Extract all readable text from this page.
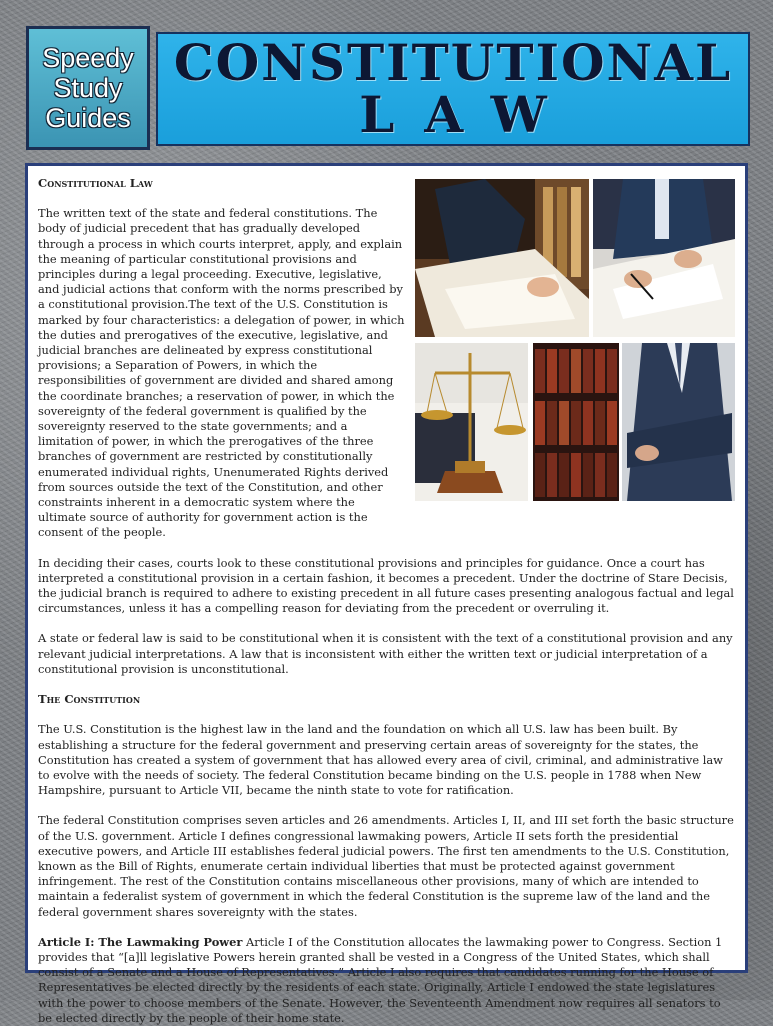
Speedy
Study
Guides
CONSTITUTIONAL
LAW
Constitutional Law

The written text of the state and federal constitutions. The body of judicial precedent that has gradually developed through a process in which courts interpret, apply, and explain the meaning of particular constitutional provisions and principles during a legal proceeding. Executive, legislative, and judicial actions that conform with the norms prescribed by a constitutional provision.The text of the U.S. Constitution is marked by four characteristics: a delegation of power, in which the duties and prerogatives of the executive, legislative, and judicial branches are delineated by express constitutional provisions; a Separation of Powers, in which the responsibilities of government are divided and shared among the coordinate branches; a reservation of power, in which the sovereignty of the federal government is qualified by the sovereignty reserved to the state governments; and a limitation of power, in which the prerogatives of the three branches of government are restricted by constitutionally enumerated individual rights, Unenumerated Rights derived from sources outside the text of the Constitution, and other constraints inherent in a democratic system where the ultimate source of authority for government action is the consent of the people.

In deciding their cases, courts look to these constitutional provisions and principles for guidance. Once a court has interpreted a constitutional provision in a certain fashion, it becomes a precedent. Under the doctrine of Stare Decisis, the judicial branch is required to adhere to existing precedent in all future cases presenting analogous factual and legal circumstances, unless it has a compelling reason for deviating from the precedent or overruling it.

A state or federal law is said to be constitutional when it is consistent with the text of a constitutional provision and any relevant judicial interpretations. A law that is inconsistent with either the written text or judicial interpretation of a constitutional provision is unconstitutional.

The Constitution

The U.S. Constitution is the highest law in the land and the foundation on which all U.S. law has been built. By establishing a structure for the federal government and preserving certain areas of sovereignty for the states, the Constitution has created a system of government that has allowed every area of civil, criminal, and administrative law to evolve with the needs of society. The federal Constitution became binding on the U.S. people in 1788 when New Hampshire, pursuant to Article VII, became the ninth state to vote for ratification.

The federal Constitution comprises seven articles and 26 amendments. Articles I, II, and III set forth the basic structure of the U.S. government. Article I defines congressional lawmaking powers, Article II sets forth the presidential executive powers, and Article III establishes federal judicial powers. The first ten amendments to the U.S. Constitution, known as the Bill of Rights, enumerate certain individual liberties that must be protected against government infringement. The rest of the Constitution contains miscellaneous other provisions, many of which are intended to maintain a federalist system of government in which the federal Constitution is the supreme law of the land and the federal government shares sovereignty with the states.

Article I: The Lawmaking Power Article I of the Constitution allocates the lawmaking power to Congress. Section 1 provides that “[a]ll legislative Powers herein granted shall be vested in a Congress of the United States, which shall consist of a Senate and a House of Representatives.” Article I also requires that candidates running for the House of Representatives be elected directly by the residents of each state. Originally, Article I endowed the state legislatures with the power to choose members of the Senate. However, the Seventeenth Amendment now requires all senators to be elected directly by the people of their home state.
